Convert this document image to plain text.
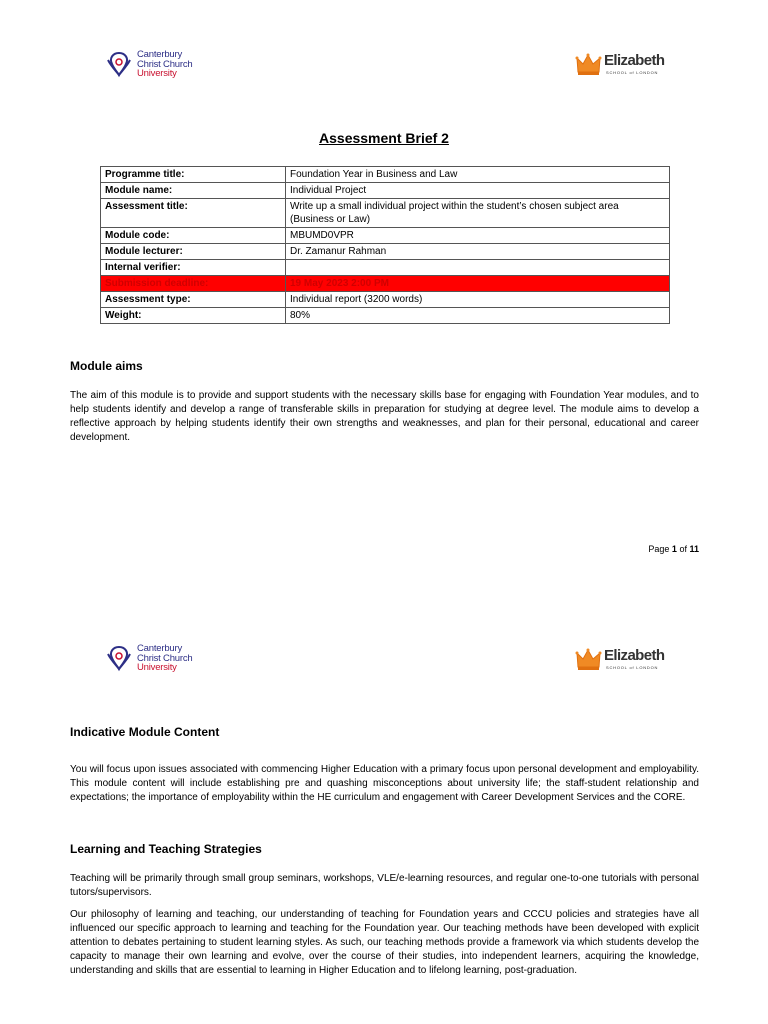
Canterbury
Christ Church
University
Elizabeth
SCHOOL of LONDON
Assessment Brief 2
Programme title:	Foundation Year in Business and Law
Module name:	Individual Project
Assessment title:	Write up a small individual project within the student’s chosen subject area (Business or Law)
Module code:	MBUMD0VPR
Module lecturer:	Dr. Zamanur Rahman
Internal verifier:	
Submission deadline:	19 May 2023 2:00 PM
Assessment type:	Individual report (3200 words)
Weight:	80%
Module aims

The aim of this module is to provide and support students with the necessary skills base for engaging with Foundation Year modules, and to help students identify and develop a range of transferable skills in preparation for studying at degree level. The module aims to develop a reflective approach by helping students identify their own strengths and weaknesses, and plan for their personal, educational and career development.

Page 1 of 11
Canterbury
Christ Church
University
Elizabeth
SCHOOL of LONDON
Indicative Module Content

You will focus upon issues associated with commencing Higher Education with a primary focus upon personal development and employability. This module content will include establishing pre and quashing misconceptions about university life; the staff-student relationship and expectations; the importance of employability within the HE curriculum and engagement with Career Development Services and the CORE.

Learning and Teaching Strategies

Teaching will be primarily through small group seminars, workshops, VLE/e-learning resources, and regular one-to-one tutorials with personal tutors/supervisors.

Our philosophy of learning and teaching, our understanding of teaching for Foundation years and CCCU policies and strategies have all influenced our specific approach to learning and teaching for the Foundation year. Our teaching methods have been developed with explicit attention to debates pertaining to student learning styles. As such, our teaching methods provide a framework via which students develop the capacity to manage their own learning and evolve, over the course of their studies, into independent learners, acquiring the knowledge, understanding and skills that are essential to learning in Higher Education and to lifelong learning, post-graduation.
